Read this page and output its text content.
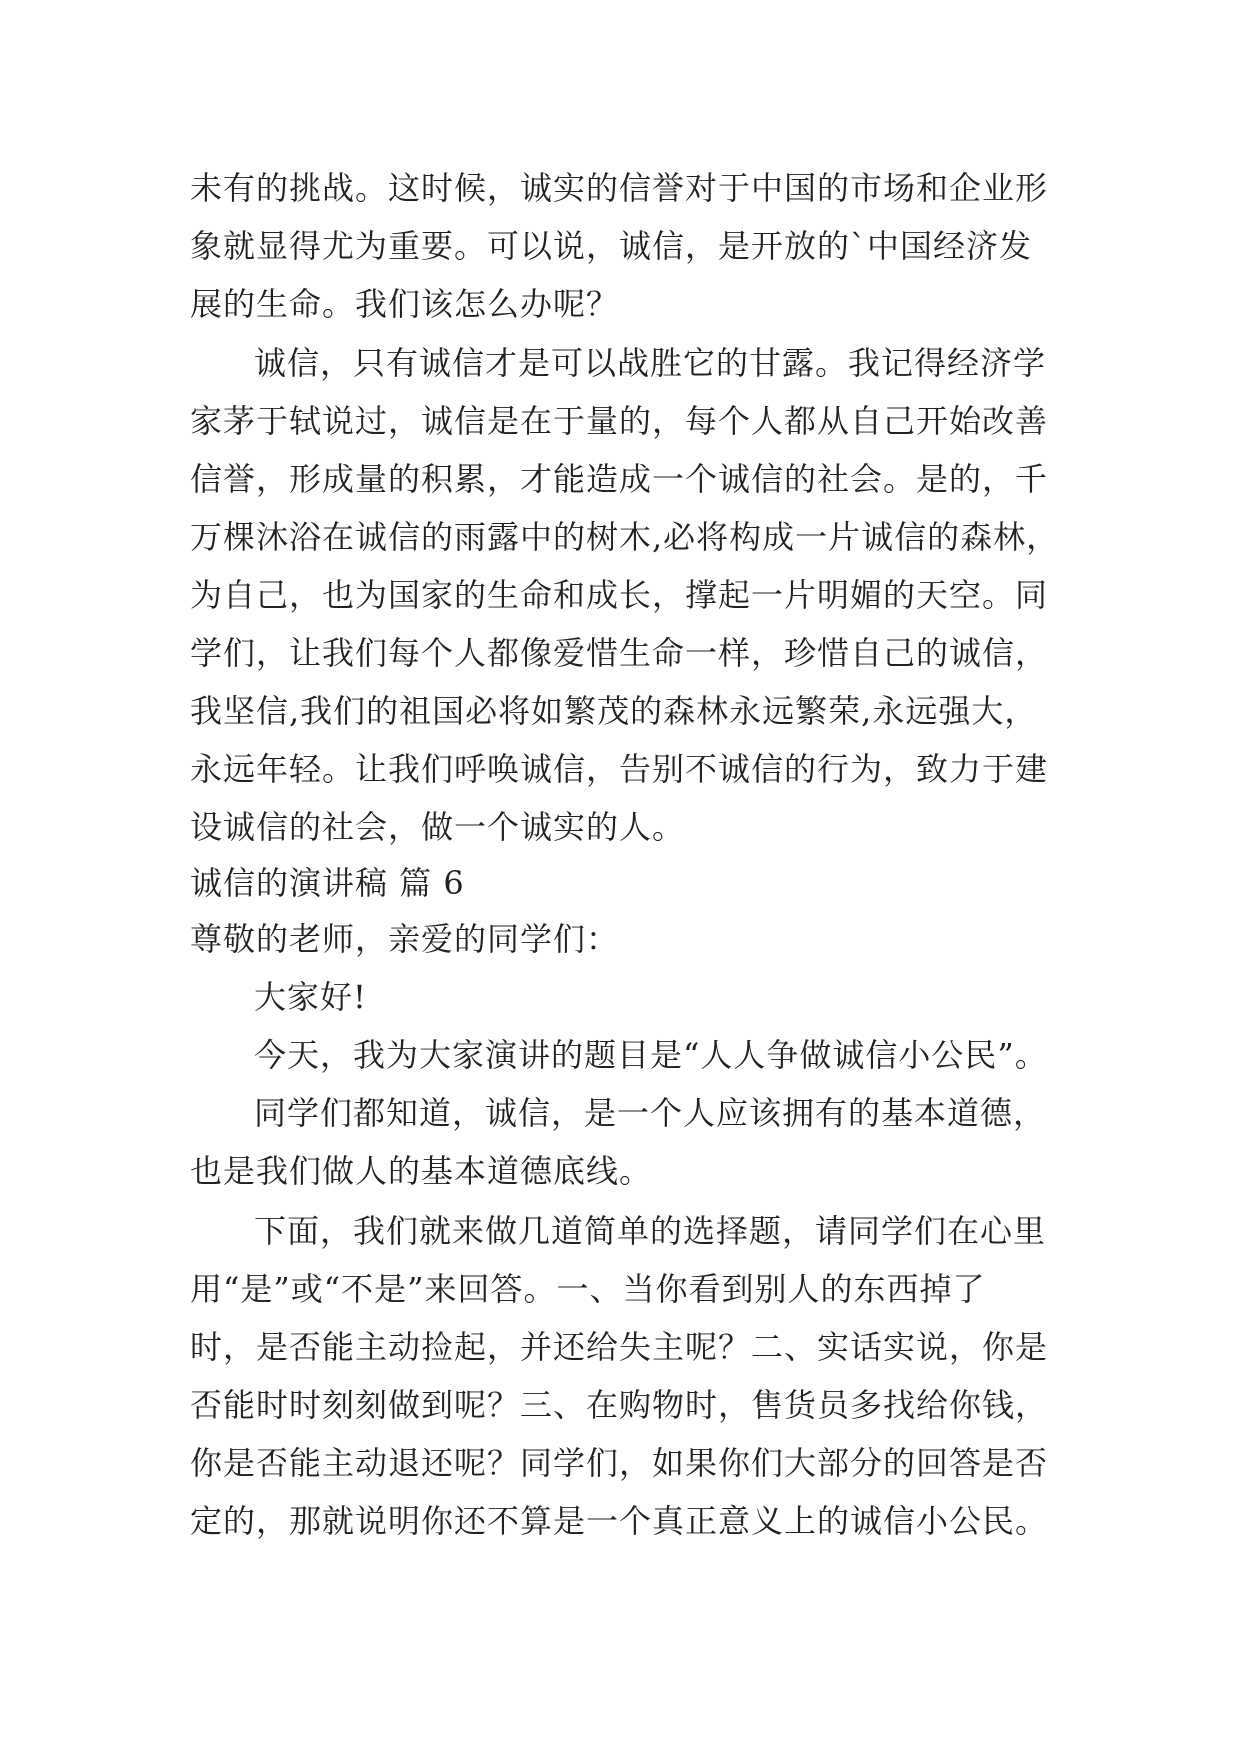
未有的挑战。这时候，诚实的信誉对于中国的市场和企业形
象就显得尤为重要。可以说，诚信，是开放的`中国经济发
展的生命。我们该怎么办呢？
诚信，只有诚信才是可以战胜它的甘露。我记得经济学
家茅于轼说过，诚信是在于量的，每个人都从自己开始改善
信誉，形成量的积累，才能造成一个诚信的社会。是的，千
万棵沐浴在诚信的雨露中的树木,必将构成一片诚信的森林，
为自己，也为国家的生命和成长，撑起一片明媚的天空。同
学们，让我们每个人都像爱惜生命一样，珍惜自己的诚信，
我坚信,我们的祖国必将如繁茂的森林永远繁荣,永远强大，
永远年轻。让我们呼唤诚信，告别不诚信的行为，致力于建
设诚信的社会，做一个诚实的人。
诚信的演讲稿 篇 6
尊敬的老师，亲爱的同学们：
大家好!
今天，我为大家演讲的题目是“人人争做诚信小公民”。
同学们都知道，诚信，是一个人应该拥有的基本道德，
也是我们做人的基本道德底线。
下面，我们就来做几道简单的选择题，请同学们在心里
用“是”或“不是”来回答。一、当你看到别人的东西掉了
时，是否能主动捡起，并还给失主呢？二、实话实说，你是
否能时时刻刻做到呢？三、在购物时，售货员多找给你钱，
你是否能主动退还呢？同学们，如果你们大部分的回答是否
定的，那就说明你还不算是一个真正意义上的诚信小公民。
